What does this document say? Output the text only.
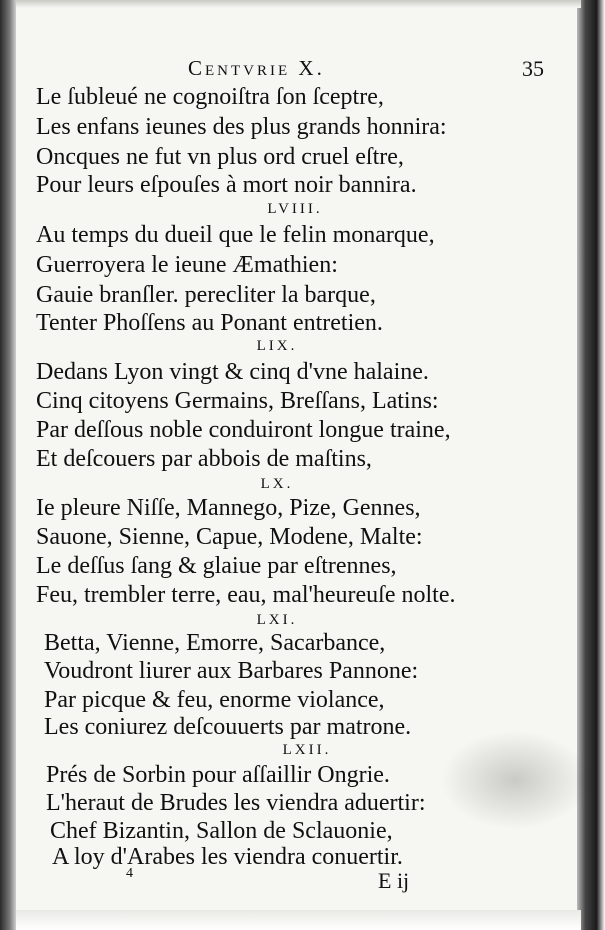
Centvrie X.	35
Le ſubleué ne cognoiſtra ſon ſceptre,
Les enfans ieunes des plus grands honnira:
Oncques ne fut vn plus ord cruel eſtre,
Pour leurs eſpouſes à mort noir bannira.
LVIII.
Au temps du dueil que le felin monarque,
Guerroyera le ieune Æmathien:
Gauie branſler. perecliter la barque,
Tenter Phoſſens au Ponant entretien.
LIX.
Dedans Lyon vingt & cinq d'vne halaine.
Cinq citoyens Germains, Breſſans, Latins:
Par deſſous noble conduiront longue traine,
Et deſcouers par abbois de maſtins,
LX.
Ie pleure Niſſe, Mannego, Pize, Gennes,
Sauone, Sienne, Capue, Modene, Malte:
Le deſſus ſang & glaiue par eſtrennes,
Feu, trembler terre, eau, mal'heureuſe nolte.
LXI.
Betta, Vienne, Emorre, Sacarbance,
Voudront liurer aux Barbares Pannone:
Par picque & feu, enorme violance,
Les coniurez deſcouuerts par matrone.
LXII.
Prés de Sorbin pour aſſaillir Ongrie.
L'heraut de Brudes les viendra aduertir:
Chef Bizantin, Sallon de Sclauonie,
A loy d'Arabes les viendra conuertir.
4	E ij
